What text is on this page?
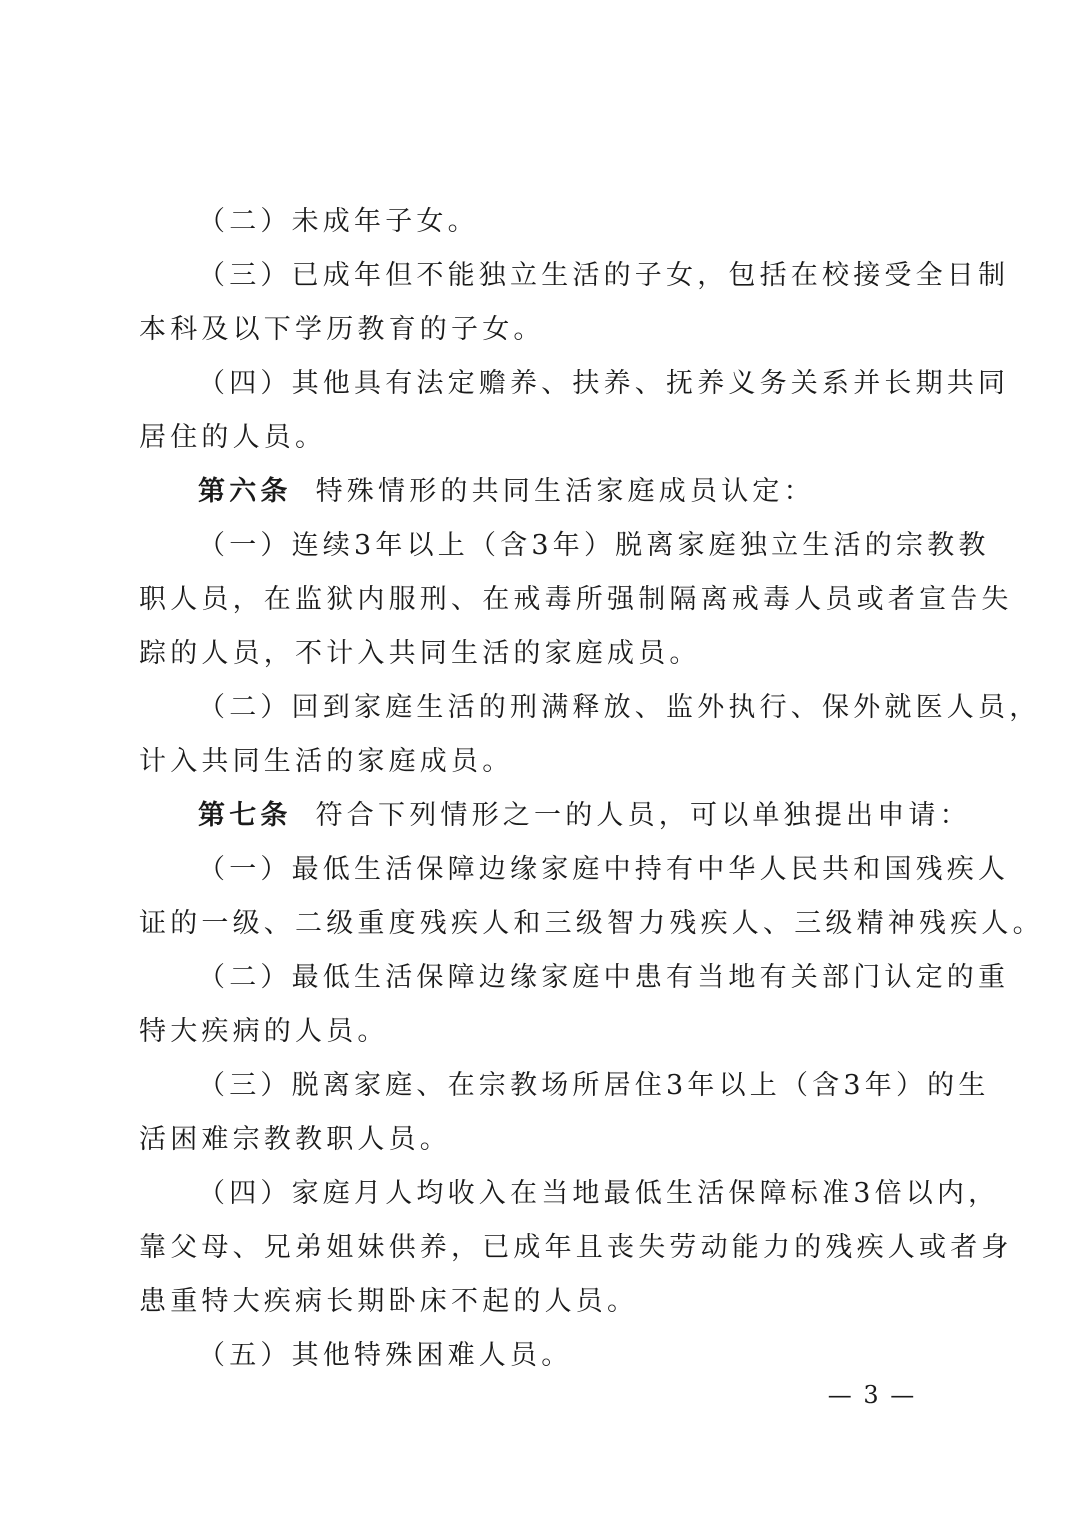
（二）未成年子女。
（三）已成年但不能独立生活的子女，包括在校接受全日制
本科及以下学历教育的子女。
（四）其他具有法定赡养、扶养、抚养义务关系并长期共同
居住的人员。
第六条 特殊情形的共同生活家庭成员认定：
（一）连续3年以上（含3年）脱离家庭独立生活的宗教教
职人员，在监狱内服刑、在戒毒所强制隔离戒毒人员或者宣告失
踪的人员，不计入共同生活的家庭成员。
（二）回到家庭生活的刑满释放、监外执行、保外就医人员，
计入共同生活的家庭成员。
第七条 符合下列情形之一的人员，可以单独提出申请：
（一）最低生活保障边缘家庭中持有中华人民共和国残疾人
证的一级、二级重度残疾人和三级智力残疾人、三级精神残疾人。
（二）最低生活保障边缘家庭中患有当地有关部门认定的重
特大疾病的人员。
（三）脱离家庭、在宗教场所居住3年以上（含3年）的生
活困难宗教教职人员。
（四）家庭月人均收入在当地最低生活保障标准3倍以内，
靠父母、兄弟姐妹供养，已成年且丧失劳动能力的残疾人或者身
患重特大疾病长期卧床不起的人员。
（五）其他特殊困难人员。
— 3 —
